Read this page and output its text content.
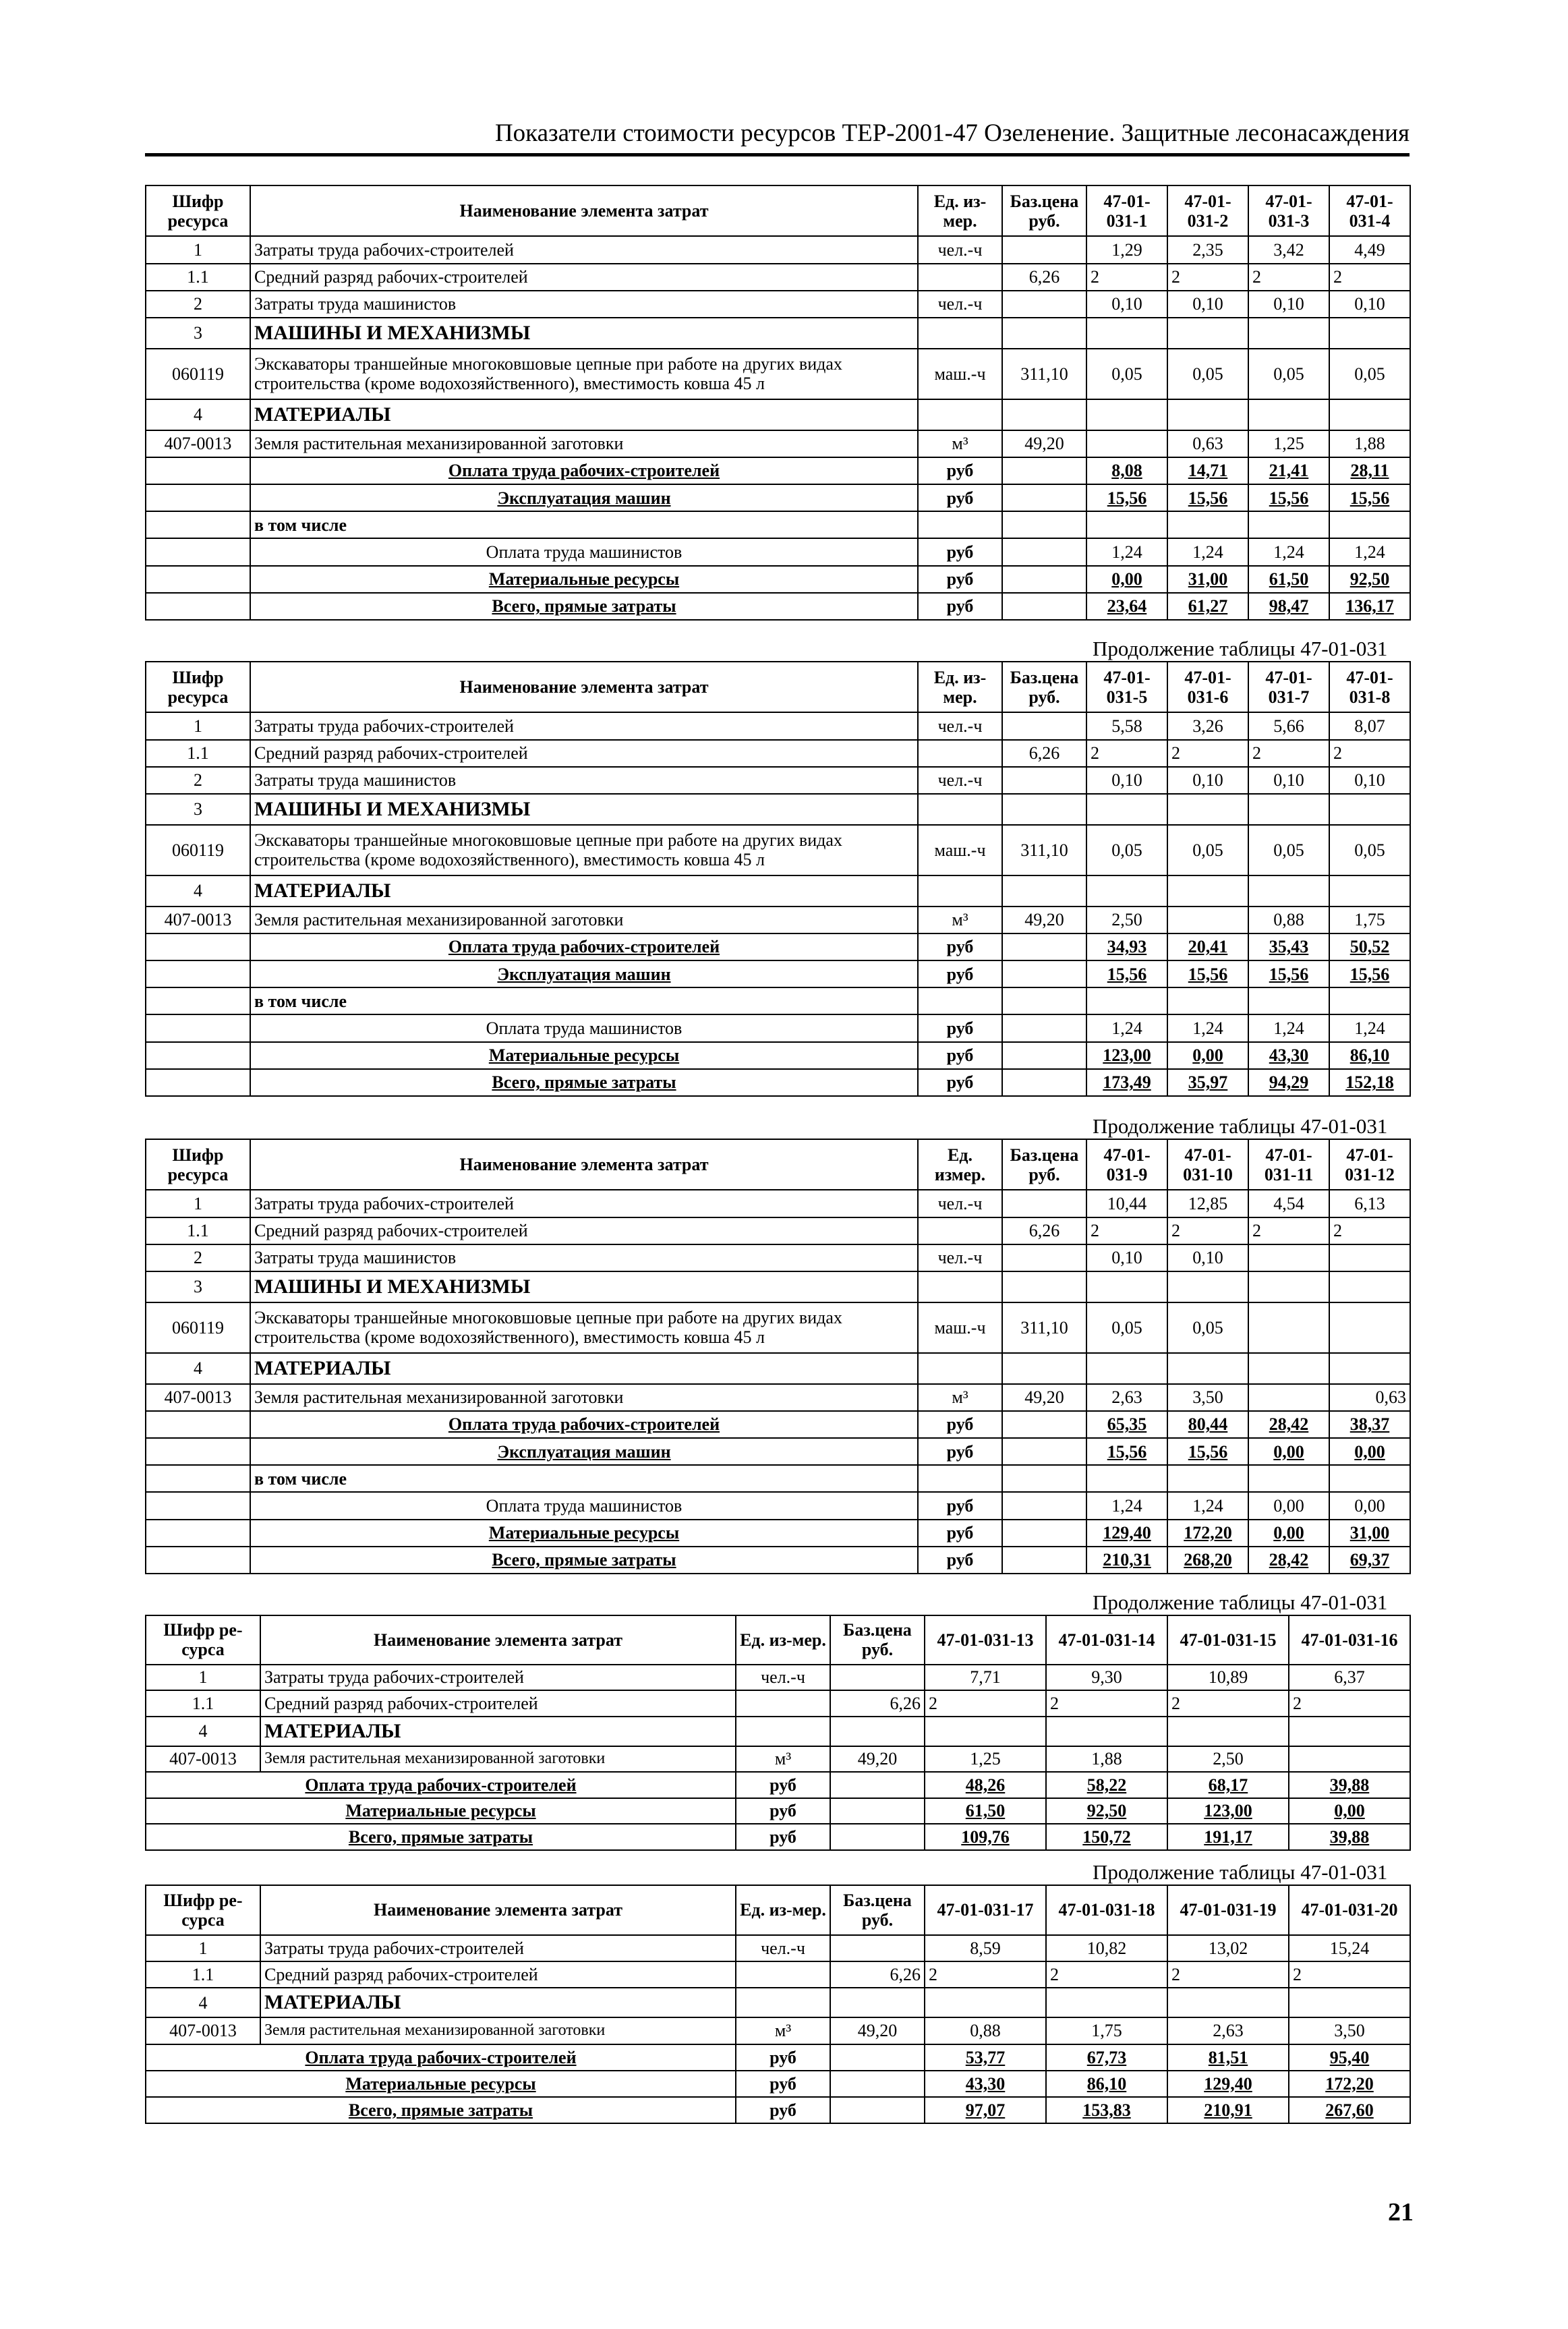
Показатели стоимости ресурсов ТЕР-2001-47 Озеленение. Защитные лесонасаждения
Шифр ресурса	Наименование элемента затрат	Ед. из-мер.	Баз.цена руб.	47-01-031-1	47-01-031-2	47-01-031-3	47-01-031-4
1	Затраты труда рабочих-строителей	чел.-ч		1,29	2,35	3,42	4,49
1.1	Средний разряд рабочих-строителей		6,26	2	2	2	2
2	Затраты труда машинистов	чел.-ч		0,10	0,10	0,10	0,10
3	МАШИНЫ И МЕХАНИЗМЫ						
060119	Экскаваторы траншейные многоковшовые цепные при работе на других видах строительства (кроме водохозяйственного), вместимость ковша 45 л	маш.-ч	311,10	0,05	0,05	0,05	0,05
4	МАТЕРИАЛЫ						
407-0013	Земля растительная механизированной заготовки	м³	49,20		0,63	1,25	1,88
	Оплата труда рабочих-строителей	руб		8,08	14,71	21,41	28,11
	Эксплуатация машин	руб		15,56	15,56	15,56	15,56
	в том числе						
	Оплата труда машинистов	руб		1,24	1,24	1,24	1,24
	Материальные ресурсы	руб		0,00	31,00	61,50	92,50
	Всего, прямые затраты	руб		23,64	61,27	98,47	136,17
Продолжение таблицы 47-01-031
Шифр ресурса	Наименование элемента затрат	Ед. из-мер.	Баз.цена руб.	47-01-031-5	47-01-031-6	47-01-031-7	47-01-031-8
1	Затраты труда рабочих-строителей	чел.-ч		5,58	3,26	5,66	8,07
1.1	Средний разряд рабочих-строителей		6,26	2	2	2	2
2	Затраты труда машинистов	чел.-ч		0,10	0,10	0,10	0,10
3	МАШИНЫ И МЕХАНИЗМЫ						
060119	Экскаваторы траншейные многоковшовые цепные при работе на других видах строительства (кроме водохозяйственного), вместимость ковша 45 л	маш.-ч	311,10	0,05	0,05	0,05	0,05
4	МАТЕРИАЛЫ						
407-0013	Земля растительная механизированной заготовки	м³	49,20	2,50		0,88	1,75
	Оплата труда рабочих-строителей	руб		34,93	20,41	35,43	50,52
	Эксплуатация машин	руб		15,56	15,56	15,56	15,56
	в том числе						
	Оплата труда машинистов	руб		1,24	1,24	1,24	1,24
	Материальные ресурсы	руб		123,00	0,00	43,30	86,10
	Всего, прямые затраты	руб		173,49	35,97	94,29	152,18
Продолжение таблицы 47-01-031
Шифр ресурса	Наименование элемента затрат	Ед. измер.	Баз.цена руб.	47-01-031-9	47-01-031-10	47-01-031-11	47-01-031-12
1	Затраты труда рабочих-строителей	чел.-ч		10,44	12,85	4,54	6,13
1.1	Средний разряд рабочих-строителей		6,26	2	2	2	2
2	Затраты труда машинистов	чел.-ч		0,10	0,10		
3	МАШИНЫ И МЕХАНИЗМЫ						
060119	Экскаваторы траншейные многоковшовые цепные при работе на других видах строительства (кроме водохозяйственного), вместимость ковша 45 л	маш.-ч	311,10	0,05	0,05		
4	МАТЕРИАЛЫ						
407-0013	Земля растительная механизированной заготовки	м³	49,20	2,63	3,50		0,63
	Оплата труда рабочих-строителей	руб		65,35	80,44	28,42	38,37
	Эксплуатация машин	руб		15,56	15,56	0,00	0,00
	в том числе						
	Оплата труда машинистов	руб		1,24	1,24	0,00	0,00
	Материальные ресурсы	руб		129,40	172,20	0,00	31,00
	Всего, прямые затраты	руб		210,31	268,20	28,42	69,37
Продолжение таблицы 47-01-031
Шифр ре-сурса	Наименование элемента затрат	Ед. из-мер.	Баз.цена руб.	47-01-031-13	47-01-031-14	47-01-031-15	47-01-031-16
1	Затраты труда рабочих-строителей	чел.-ч		7,71	9,30	10,89	6,37
1.1	Средний разряд рабочих-строителей		6,26	2	2	2	2
4	МАТЕРИАЛЫ						
407-0013	Земля растительная механизированной заготовки	м³	49,20	1,25	1,88	2,50	
Оплата труда рабочих-строителей		руб		48,26	58,22	68,17	39,88
Материальные ресурсы		руб		61,50	92,50	123,00	0,00
Всего, прямые затраты		руб		109,76	150,72	191,17	39,88
Продолжение таблицы 47-01-031
Шифр ре-сурса	Наименование элемента затрат	Ед. из-мер.	Баз.цена руб.	47-01-031-17	47-01-031-18	47-01-031-19	47-01-031-20
1	Затраты труда рабочих-строителей	чел.-ч		8,59	10,82	13,02	15,24
1.1	Средний разряд рабочих-строителей		6,26	2	2	2	2
4	МАТЕРИАЛЫ						
407-0013	Земля растительная механизированной заготовки	м³	49,20	0,88	1,75	2,63	3,50
Оплата труда рабочих-строителей		руб		53,77	67,73	81,51	95,40
Материальные ресурсы		руб		43,30	86,10	129,40	172,20
Всего, прямые затраты		руб		97,07	153,83	210,91	267,60
21
